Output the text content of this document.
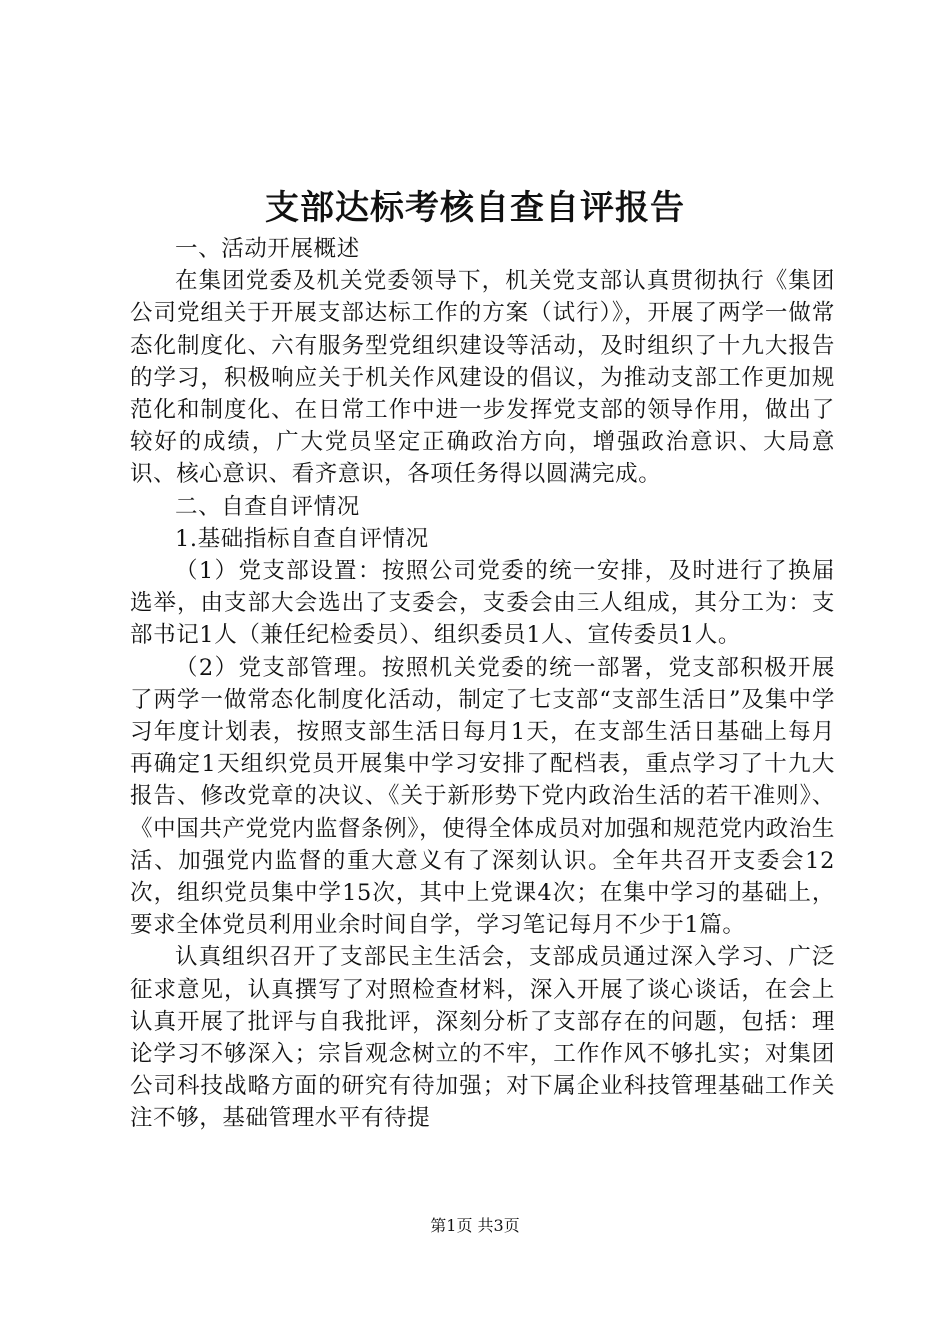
支部达标考核自查自评报告

一、活动开展概述

在集团党委及机关党委领导下，机关党支部认真贯彻执行《集团公司党组关于开展支部达标工作的方案（试行）》，开展了两学一做常态化制度化、六有服务型党组织建设等活动，及时组织了十九大报告的学习，积极响应关于机关作风建设的倡议，为推动支部工作更加规范化和制度化、在日常工作中进一步发挥党支部的领导作用，做出了较好的成绩，广大党员坚定正确政治方向，增强政治意识、大局意识、核心意识、看齐意识，各项任务得以圆满完成。

二、自查自评情况

1.基础指标自查自评情况

（1）党支部设置：按照公司党委的统一安排，及时进行了换届选举，由支部大会选出了支委会，支委会由三人组成，其分工为：支部书记1人（兼任纪检委员）、组织委员1人、宣传委员1人。

（2）党支部管理。按照机关党委的统一部署，党支部积极开展了两学一做常态化制度化活动，制定了七支部“支部生活日”及集中学习年度计划表，按照支部生活日每月1天，在支部生活日基础上每月再确定1天组织党员开展集中学习安排了配档表，重点学习了十九大报告、修改党章的决议、《关于新形势下党内政治生活的若干准则》、《中国共产党党内监督条例》，使得全体成员对加强和规范党内政治生活、加强党内监督的重大意义有了深刻认识。全年共召开支委会12次，组织党员集中学15次，其中上党课4次；在集中学习的基础上，要求全体党员利用业余时间自学，学习笔记每月不少于1篇。

认真组织召开了支部民主生活会，支部成员通过深入学习、广泛征求意见，认真撰写了对照检查材料，深入开展了谈心谈话，在会上认真开展了批评与自我批评，深刻分析了支部存在的问题，包括：理论学习不够深入；宗旨观念树立的不牢，工作作风不够扎实；对集团公司科技战略方面的研究有待加强；对下属企业科技管理基础工作关注不够，基础管理水平有待提

第1页 共3页
